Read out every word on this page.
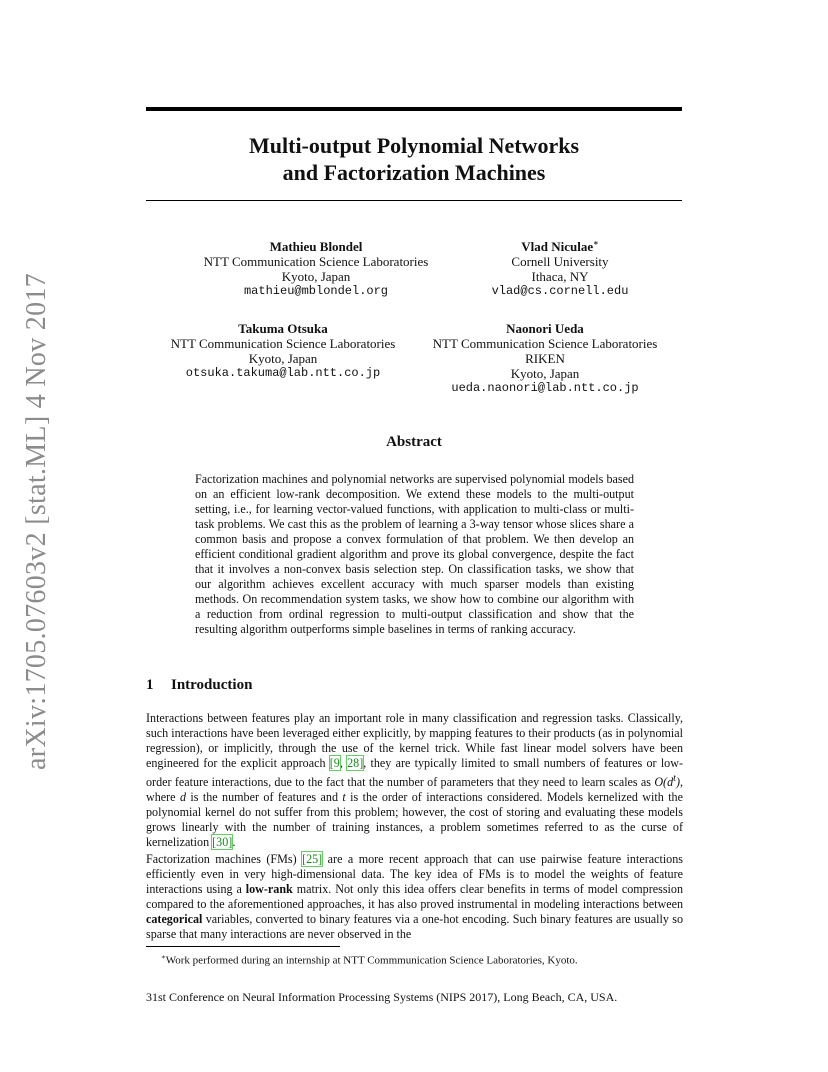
arXiv:1705.07603v2 [stat.ML] 4 Nov 2017
Multi-output Polynomial Networks
and Factorization Machines
Mathieu Blondel
NTT Communication Science Laboratories
Kyoto, Japan
mathieu@mblondel.org
Vlad Niculae∗
Cornell University
Ithaca, NY
vlad@cs.cornell.edu
Takuma Otsuka
NTT Communication Science Laboratories
Kyoto, Japan
otsuka.takuma@lab.ntt.co.jp
Naonori Ueda
NTT Communication Science Laboratories
RIKEN
Kyoto, Japan
ueda.naonori@lab.ntt.co.jp
Abstract
Factorization machines and polynomial networks are supervised polynomial models based on an efficient low-rank decomposition. We extend these models to the multi-output setting, i.e., for learning vector-valued functions, with application to multi-class or multi-task problems. We cast this as the problem of learning a 3-way tensor whose slices share a common basis and propose a convex formulation of that problem. We then develop an efficient conditional gradient algorithm and prove its global convergence, despite the fact that it involves a non-convex basis selection step. On classification tasks, we show that our algorithm achieves excellent accuracy with much sparser models than existing methods. On recommendation system tasks, we show how to combine our algorithm with a reduction from ordinal regression to multi-output classification and show that the resulting algorithm outperforms simple baselines in terms of ranking accuracy.
1 Introduction
Interactions between features play an important role in many classification and regression tasks. Classically, such interactions have been leveraged either explicitly, by mapping features to their products (as in polynomial regression), or implicitly, through the use of the kernel trick. While fast linear model solvers have been engineered for the explicit approach [9, 28], they are typically limited to small numbers of features or low-order feature interactions, due to the fact that the number of parameters that they need to learn scales as $O(d^t)$, where d is the number of features and t is the order of interactions considered. Models kernelized with the polynomial kernel do not suffer from this problem; however, the cost of storing and evaluating these models grows linearly with the number of training instances, a problem sometimes referred to as the curse of kernelization [30].
Factorization machines (FMs) [25] are a more recent approach that can use pairwise feature interactions efficiently even in very high-dimensional data. The key idea of FMs is to model the weights of feature interactions using a low-rank matrix. Not only this idea offers clear benefits in terms of model compression compared to the aforementioned approaches, it has also proved instrumental in modeling interactions between categorical variables, converted to binary features via a one-hot encoding. Such binary features are usually so sparse that many interactions are never observed in the
∗Work performed during an internship at NTT Commmunication Science Laboratories, Kyoto.
31st Conference on Neural Information Processing Systems (NIPS 2017), Long Beach, CA, USA.
